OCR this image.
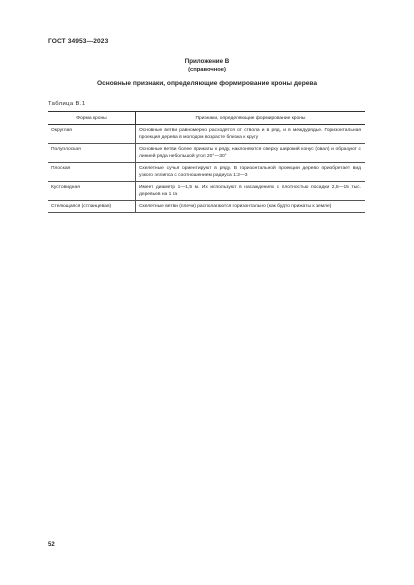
ГОСТ 34953—2023
Приложение В
(справочное)
Основные признаки, определяющие формирование кроны дерева
Таблица В.1
Форма кроны	Признаки, определяющие формирование кроны
Округлая	Основные ветви равномерно расходятся от ствола и в ряд, и в междурядье. Горизонтальная проекция дерева в молодом возрасте близка к кругу
Полуплоская	Основные ветви более прижаты к ряду, наклоняются сверху широкий конус (овал) и образуют с линией ряда небольшой угол 20°—30°
Плоская	Скелетные сучья ориентируют в ряду. В горизонтальной проекции дерево приобретает вид узкого эллипса с соотношением радиуса 1:2—3
Кустовидная	Имеет диаметр 1—1,5 м. Их используют в насаждениях с плотностью посадки 2,5—15 тыс. деревьев на 1 га
Стелющаяся (стланцевая)	Скелетные ветви (плечи) располагаются горизонтально (как будто прижаты к земле)
52
